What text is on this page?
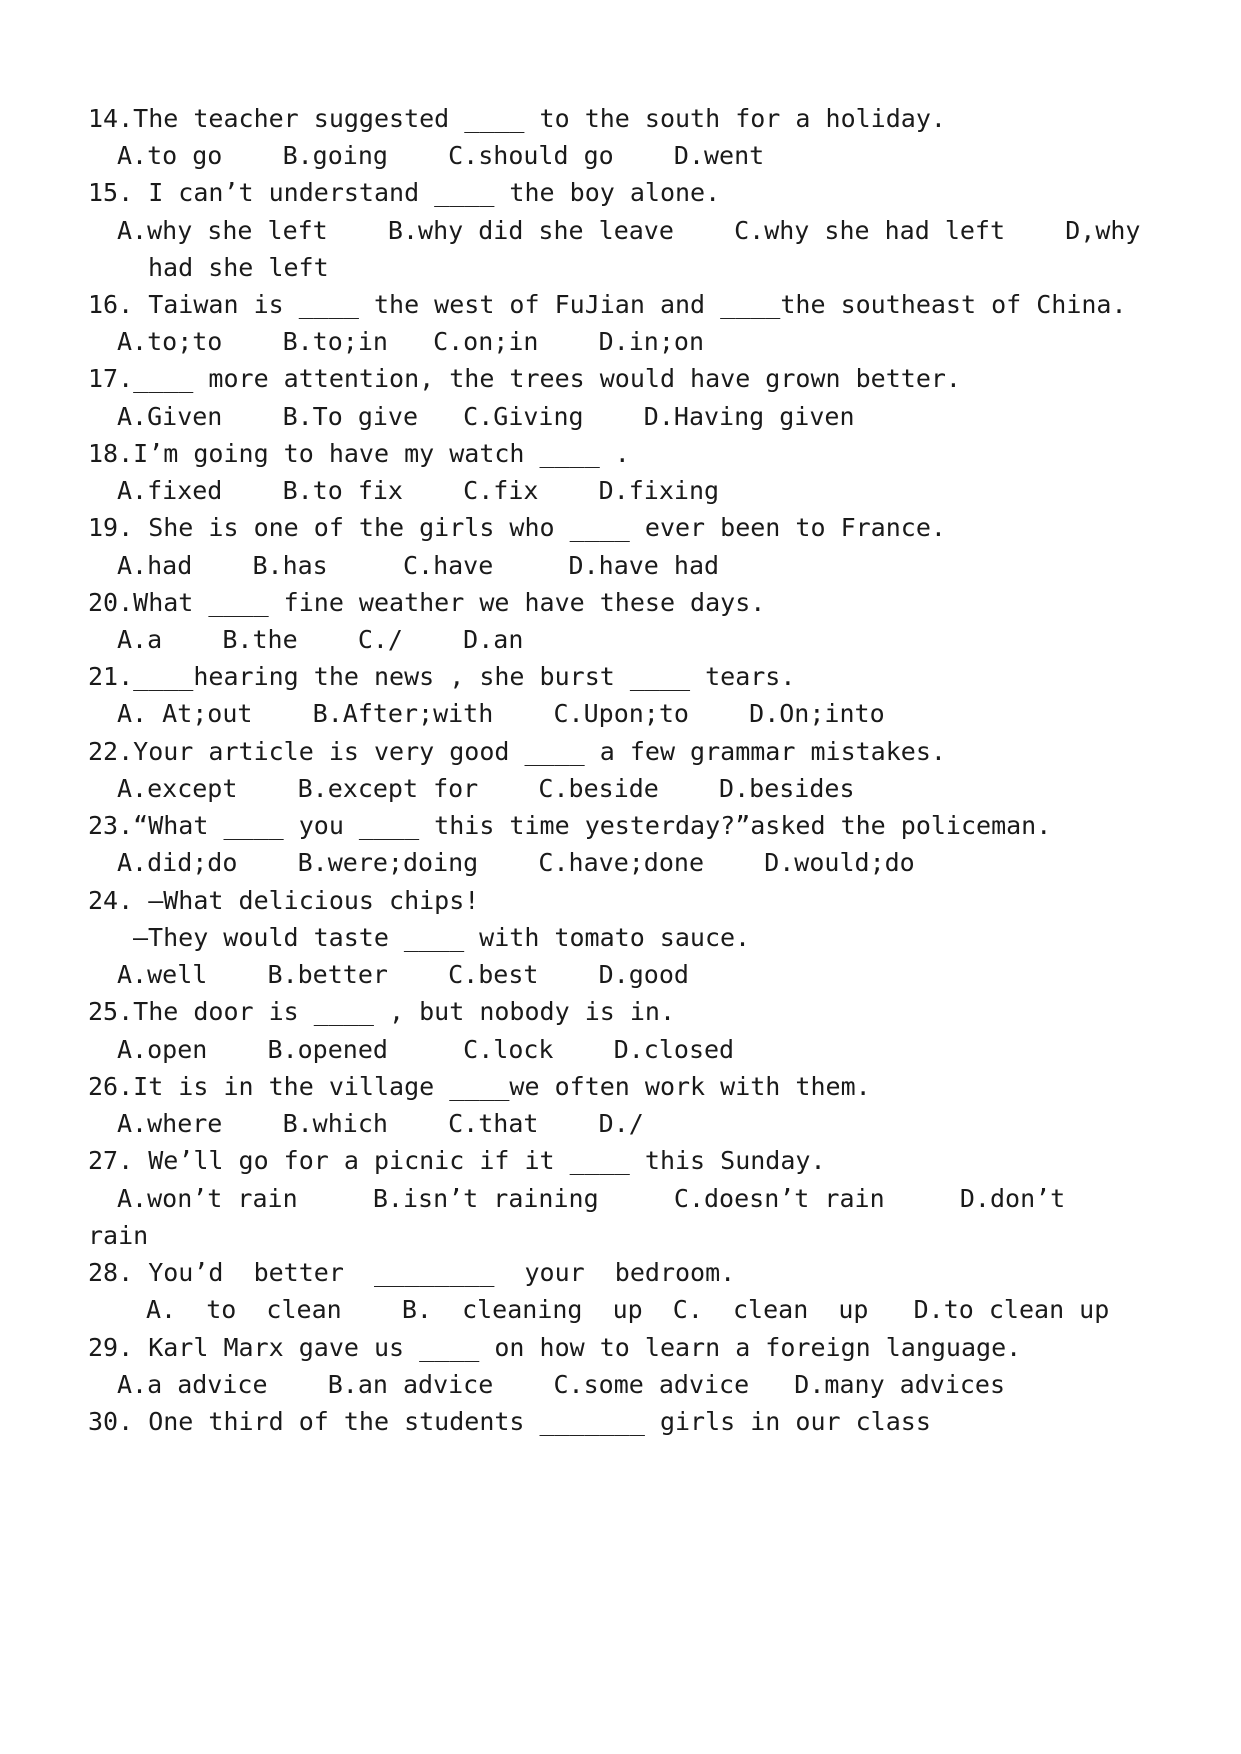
14.The teacher suggested ____ to the south for a holiday.
A.to go    B.going    C.should go    D.went
15. I can’t understand ____ the boy alone.
A.why she left    B.why did she leave    C.why she had left    D,why
had she left
16. Taiwan is ____ the west of FuJian and ____the southeast of China.
A.to;to    B.to;in   C.on;in    D.in;on
17.____ more attention, the trees would have grown better.
A.Given    B.To give   C.Giving    D.Having given
18.I’m going to have my watch ____ .
A.fixed    B.to fix    C.fix    D.fixing
19. She is one of the girls who ____ ever been to France.
A.had    B.has     C.have     D.have had
20.What ____ fine weather we have these days.
A.a    B.the    C./    D.an
21.____hearing the news , she burst ____ tears.
A. At;out    B.After;with    C.Upon;to    D.On;into
22.Your article is very good ____ a few grammar mistakes.
A.except    B.except for    C.beside    D.besides
23.“What ____ you ____ this time yesterday?”asked the policeman.
A.did;do    B.were;doing    C.have;done    D.would;do
24. —What delicious chips!
—They would taste ____ with tomato sauce.
A.well    B.better    C.best    D.good
25.The door is ____ , but nobody is in.
A.open    B.opened     C.lock    D.closed
26.It is in the village ____we often work with them.
A.where    B.which    C.that    D./
27. We’ll go for a picnic if it ____ this Sunday.
A.won’t rain     B.isn’t raining     C.doesn’t rain     D.don’t
rain
28. You’d  better  ________  your  bedroom.
A.  to  clean    B.  cleaning  up  C.  clean  up   D.to clean up
29. Karl Marx gave us ____ on how to learn a foreign language.
A.a advice    B.an advice    C.some advice   D.many advices
30. One third of the students _______ girls in our class
